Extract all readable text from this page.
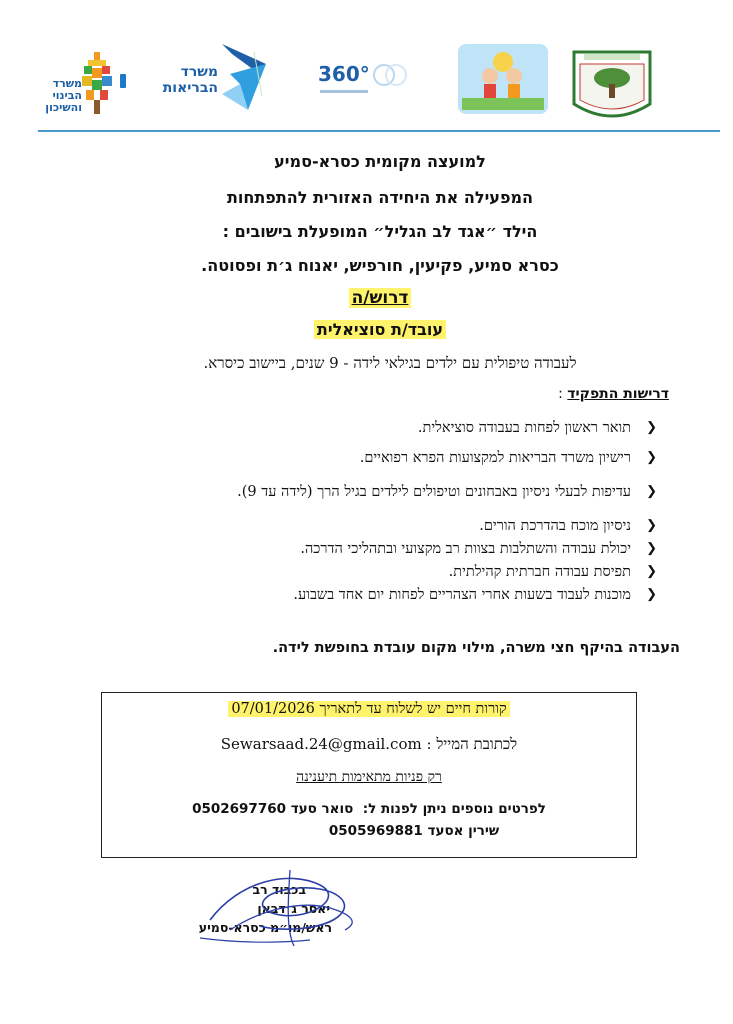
משרד הבינוי והשיכון
משרד הבריאות
360°
למועצה מקומית כסרא-סמיע
המפעילה את היחידה האזורית להתפתחות
הילד ״אגד לב הגליל״ המופעלת בישובים :
כסרא סמיע, פקיעין, חורפיש, יאנוח ג׳ת ופסוטה.
דרוש/ה
עובד/ת סוציאלית
לעבודה טיפולית עם ילדים בגילאי לידה - 9 שנים, ביישוב כיסרא.
דרישות התפקיד :
❮
תואר ראשון לפחות בעבודה סוציאלית.
❮
רישיון משרד הבריאות למקצועות הפרא רפואיים.
❮
עדיפות לבעלי ניסיון באבחונים וטיפולים לילדים בגיל הרך (לידה עד 9).
❮
ניסיון מוכח בהדרכת הורים.
❮
יכולת עבודה והשתלבות בצוות רב מקצועי ובתהליכי הדרכה.
❮
תפיסת עבודה חברתית קהילתית.
❮
מוכנות לעבוד בשעות אחרי הצהריים לפחות יום אחד בשבוע.
העבודה בהיקף חצי משרה, מילוי מקום עובדת בחופשת לידה.
קורות חיים יש לשלוח עד לתאריך 07/01/2026
לכתובת המייל : Sewarsaad.24@gmail.com
רק פניות מתאימות תיענינה
לפרטים נוספים ניתן לפנות ל:  סואר סעד 0502697760
שירין אסעד 0505969881
בכבוד רב
יאסר ג׳דבאן
ראש/מו״מ כסרא-סמיע
